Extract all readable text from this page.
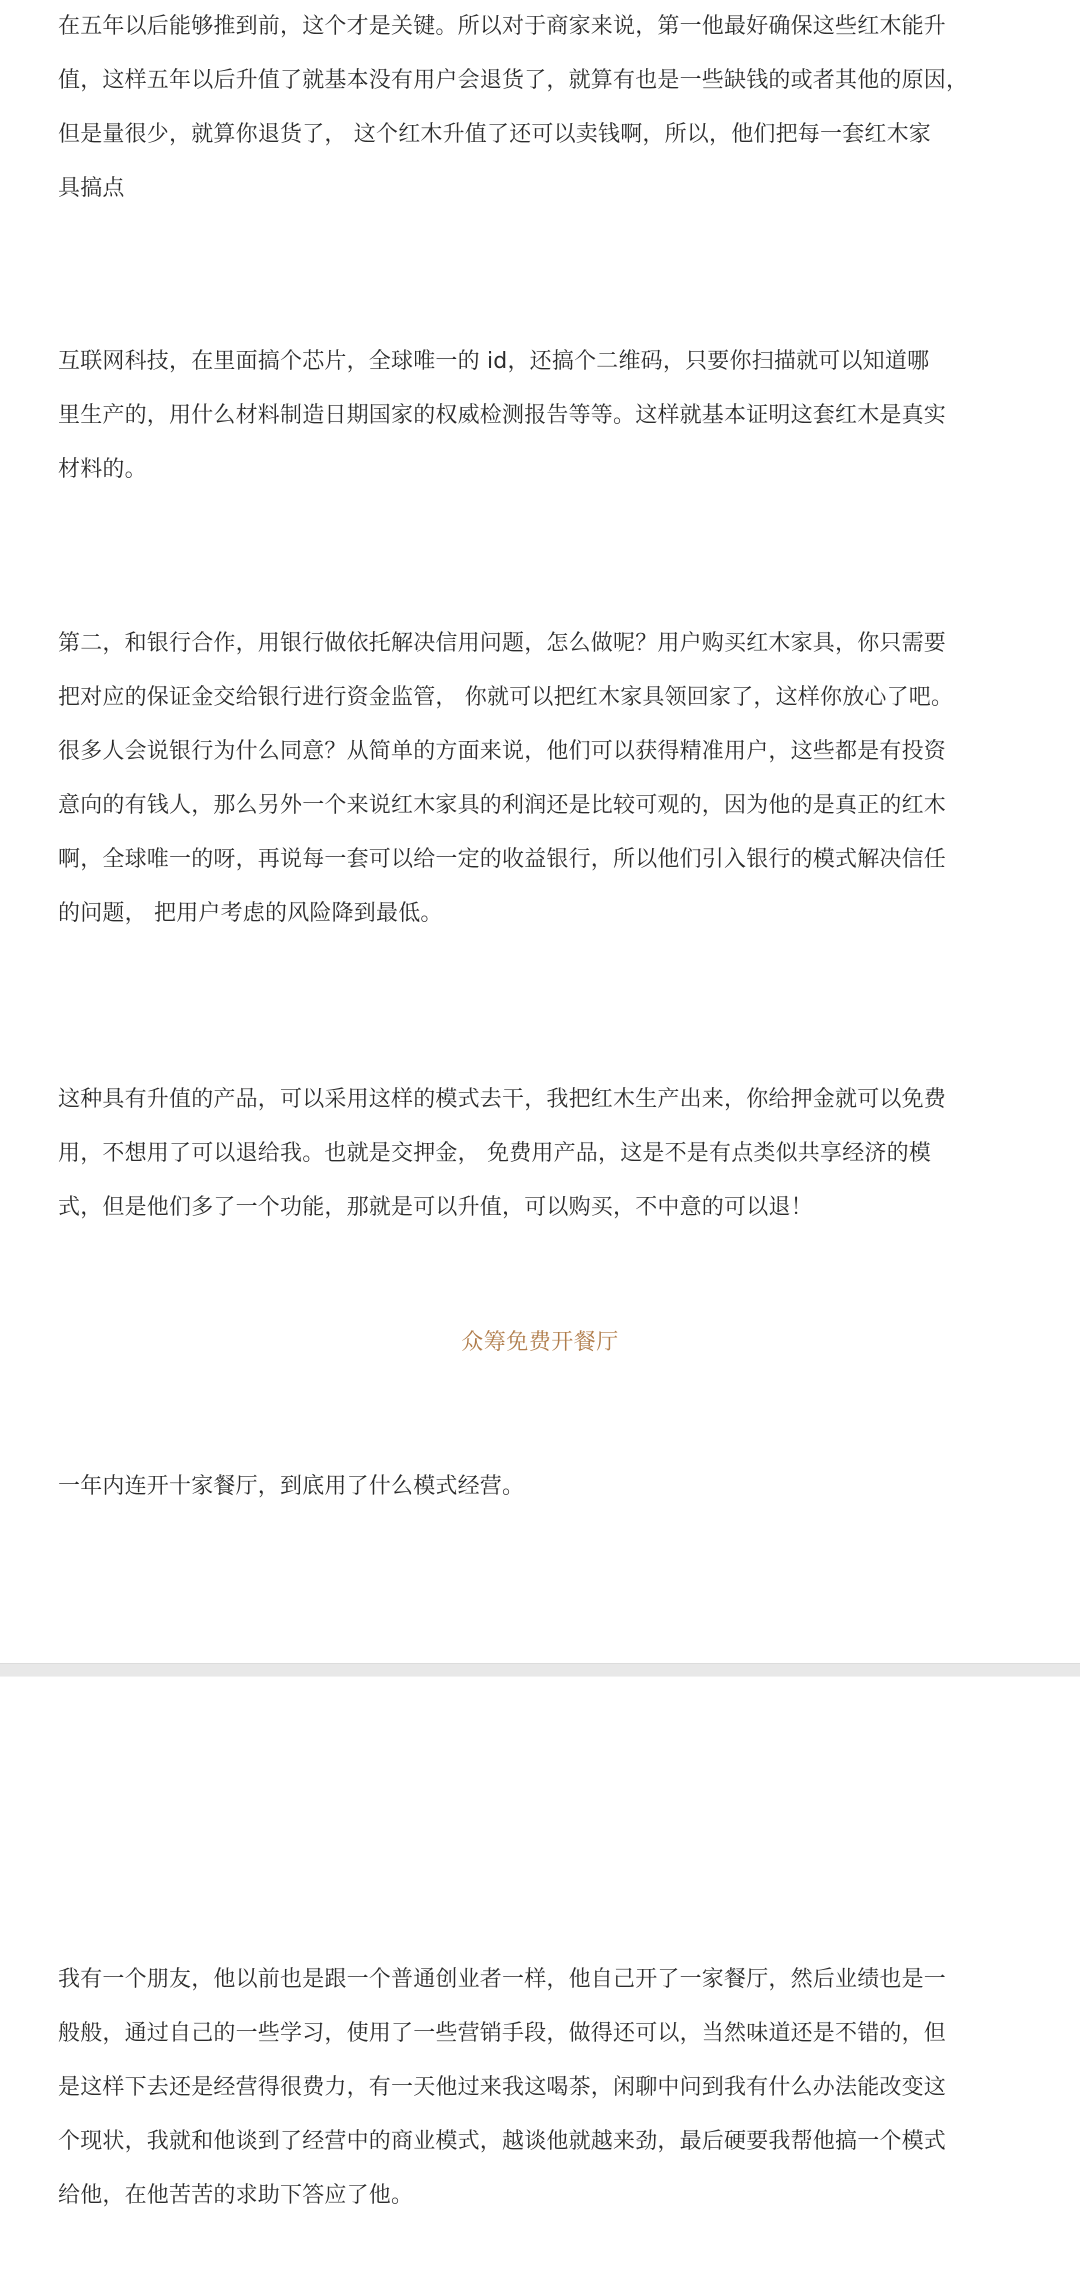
在五年以后能够推到前，这个才是关键。所以对于商家来说，第一他最好确保这些红木能升
值，这样五年以后升值了就基本没有用户会退货了，就算有也是一些缺钱的或者其他的原因，
但是量很少，就算你退货了， 这个红木升值了还可以卖钱啊，所以，他们把每一套红木家
具搞点

互联网科技，在里面搞个芯片，全球唯一的 id，还搞个二维码，只要你扫描就可以知道哪
里生产的，用什么材料制造日期国家的权威检测报告等等。这样就基本证明这套红木是真实
材料的。

第二，和银行合作，用银行做依托解决信用问题，怎么做呢？用户购买红木家具，你只需要
把对应的保证金交给银行进行资金监管， 你就可以把红木家具领回家了，这样你放心了吧。
很多人会说银行为什么同意？从简单的方面来说，他们可以获得精准用户，这些都是有投资
意向的有钱人，那么另外一个来说红木家具的利润还是比较可观的，因为他的是真正的红木
啊，全球唯一的呀，再说每一套可以给一定的收益银行，所以他们引入银行的模式解决信任
的问题， 把用户考虑的风险降到最低。

这种具有升值的产品，可以采用这样的模式去干，我把红木生产出来，你给押金就可以免费
用，不想用了可以退给我。也就是交押金， 免费用产品，这是不是有点类似共享经济的模
式，但是他们多了一个功能，那就是可以升值，可以购买，不中意的可以退！

众筹免费开餐厅
一年内连开十家餐厅，到底用了什么模式经营。

我有一个朋友，他以前也是跟一个普通创业者一样，他自己开了一家餐厅，然后业绩也是一
般般，通过自己的一些学习，使用了一些营销手段，做得还可以，当然味道还是不错的，但
是这样下去还是经营得很费力，有一天他过来我这喝茶，闲聊中问到我有什么办法能改变这
个现状，我就和他谈到了经营中的商业模式，越谈他就越来劲，最后硬要我帮他搞一个模式
给他，在他苦苦的求助下答应了他。
